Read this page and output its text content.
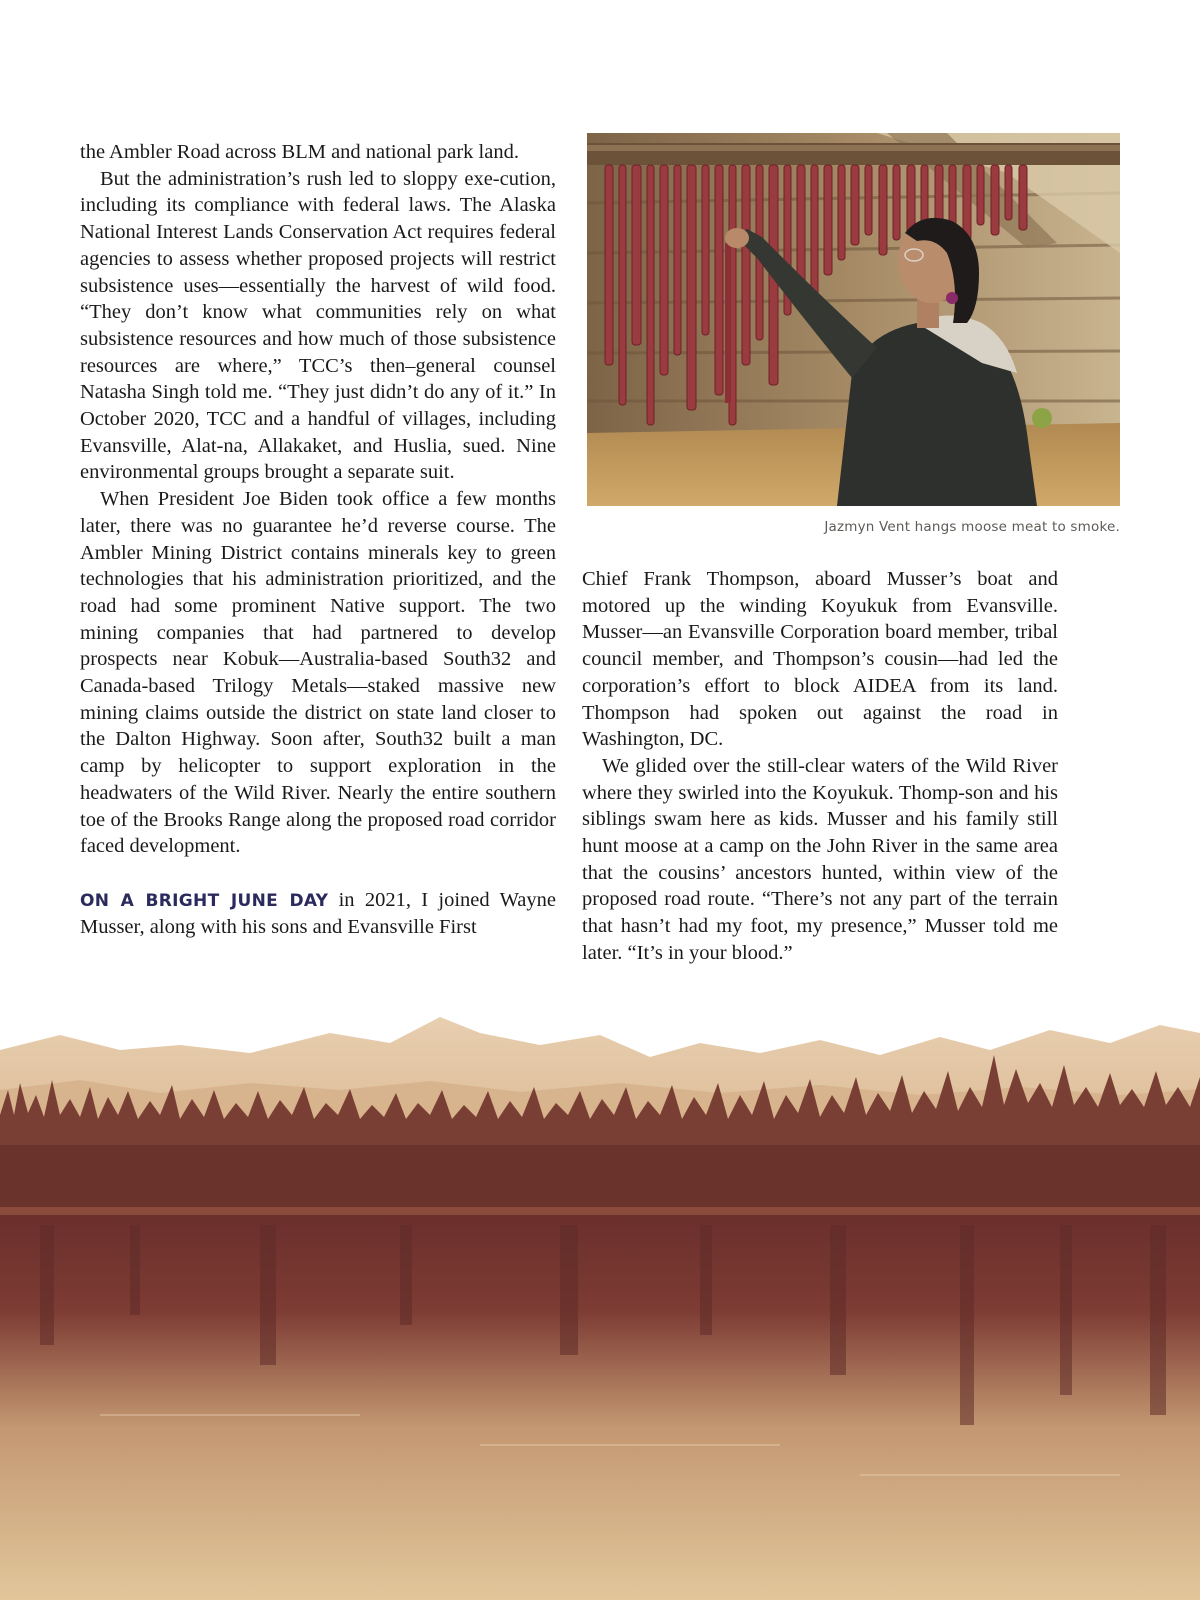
the Ambler Road across BLM and national park land.

But the administration’s rush led to sloppy exe-cution, including its compliance with federal laws. The Alaska National Interest Lands Conservation Act requires federal agencies to assess whether proposed projects will restrict subsistence uses—essentially the harvest of wild food. “They don’t know what communities rely on what subsistence resources and how much of those subsistence resources are where,” TCC’s then–general counsel Natasha Singh told me. “They just didn’t do any of it.” In October 2020, TCC and a handful of villages, including Evansville, Alat-na, Allakaket, and Huslia, sued. Nine environmental groups brought a separate suit.

When President Joe Biden took office a few months later, there was no guarantee he’d reverse course. The Ambler Mining District contains minerals key to green technologies that his administration prioritized, and the road had some prominent Native support. The two mining companies that had partnered to develop prospects near Kobuk—Australia-based South32 and Canada-based Trilogy Metals—staked massive new mining claims outside the district on state land closer to the Dalton Highway. Soon after, South32 built a man camp by helicopter to support exploration in the headwaters of the Wild River. Nearly the entire southern toe of the Brooks Range along the proposed road corridor faced development.

ON A BRIGHT JUNE DAY in 2021, I joined Wayne Musser, along with his sons and Evansville First

Jazmyn Vent hangs moose meat to smoke.

Chief Frank Thompson, aboard Musser’s boat and motored up the winding Koyukuk from Evansville. Musser—an Evansville Corporation board member, tribal council member, and Thompson’s cousin—had led the corporation’s effort to block AIDEA from its land. Thompson had spoken out against the road in Washington, DC.

We glided over the still-clear waters of the Wild River where they swirled into the Koyukuk. Thomp-son and his siblings swam here as kids. Musser and his family still hunt moose at a camp on the John River in the same area that the cousins’ ancestors hunted, within view of the proposed road route. “There’s not any part of the terrain that hasn’t had my foot, my presence,” Musser told me later. “It’s in your blood.”
